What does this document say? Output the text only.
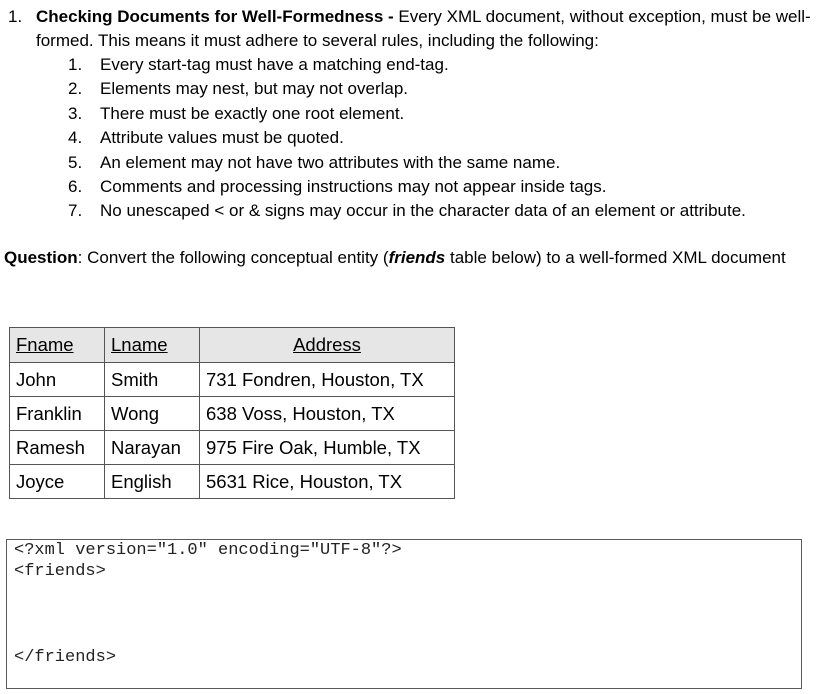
1. Checking Documents for Well-Formedness - Every XML document, without exception, must be well-formed. This means it must adhere to several rules, including the following:
1. Every start-tag must have a matching end-tag.
2. Elements may nest, but may not overlap.
3. There must be exactly one root element.
4. Attribute values must be quoted.
5. An element may not have two attributes with the same name.
6. Comments and processing instructions may not appear inside tags.
7. No unescaped < or & signs may occur in the character data of an element or attribute.
Question: Convert the following conceptual entity (friends table below) to a well-formed XML document
Fname	Lname	Address
John	Smith	731 Fondren, Houston, TX
Franklin	Wong	638 Voss, Houston, TX
Ramesh	Narayan	975 Fire Oak, Humble, TX
Joyce	English	5631 Rice, Houston, TX
<?xml version="1.0" encoding="UTF-8"?>
<friends>
</friends>
